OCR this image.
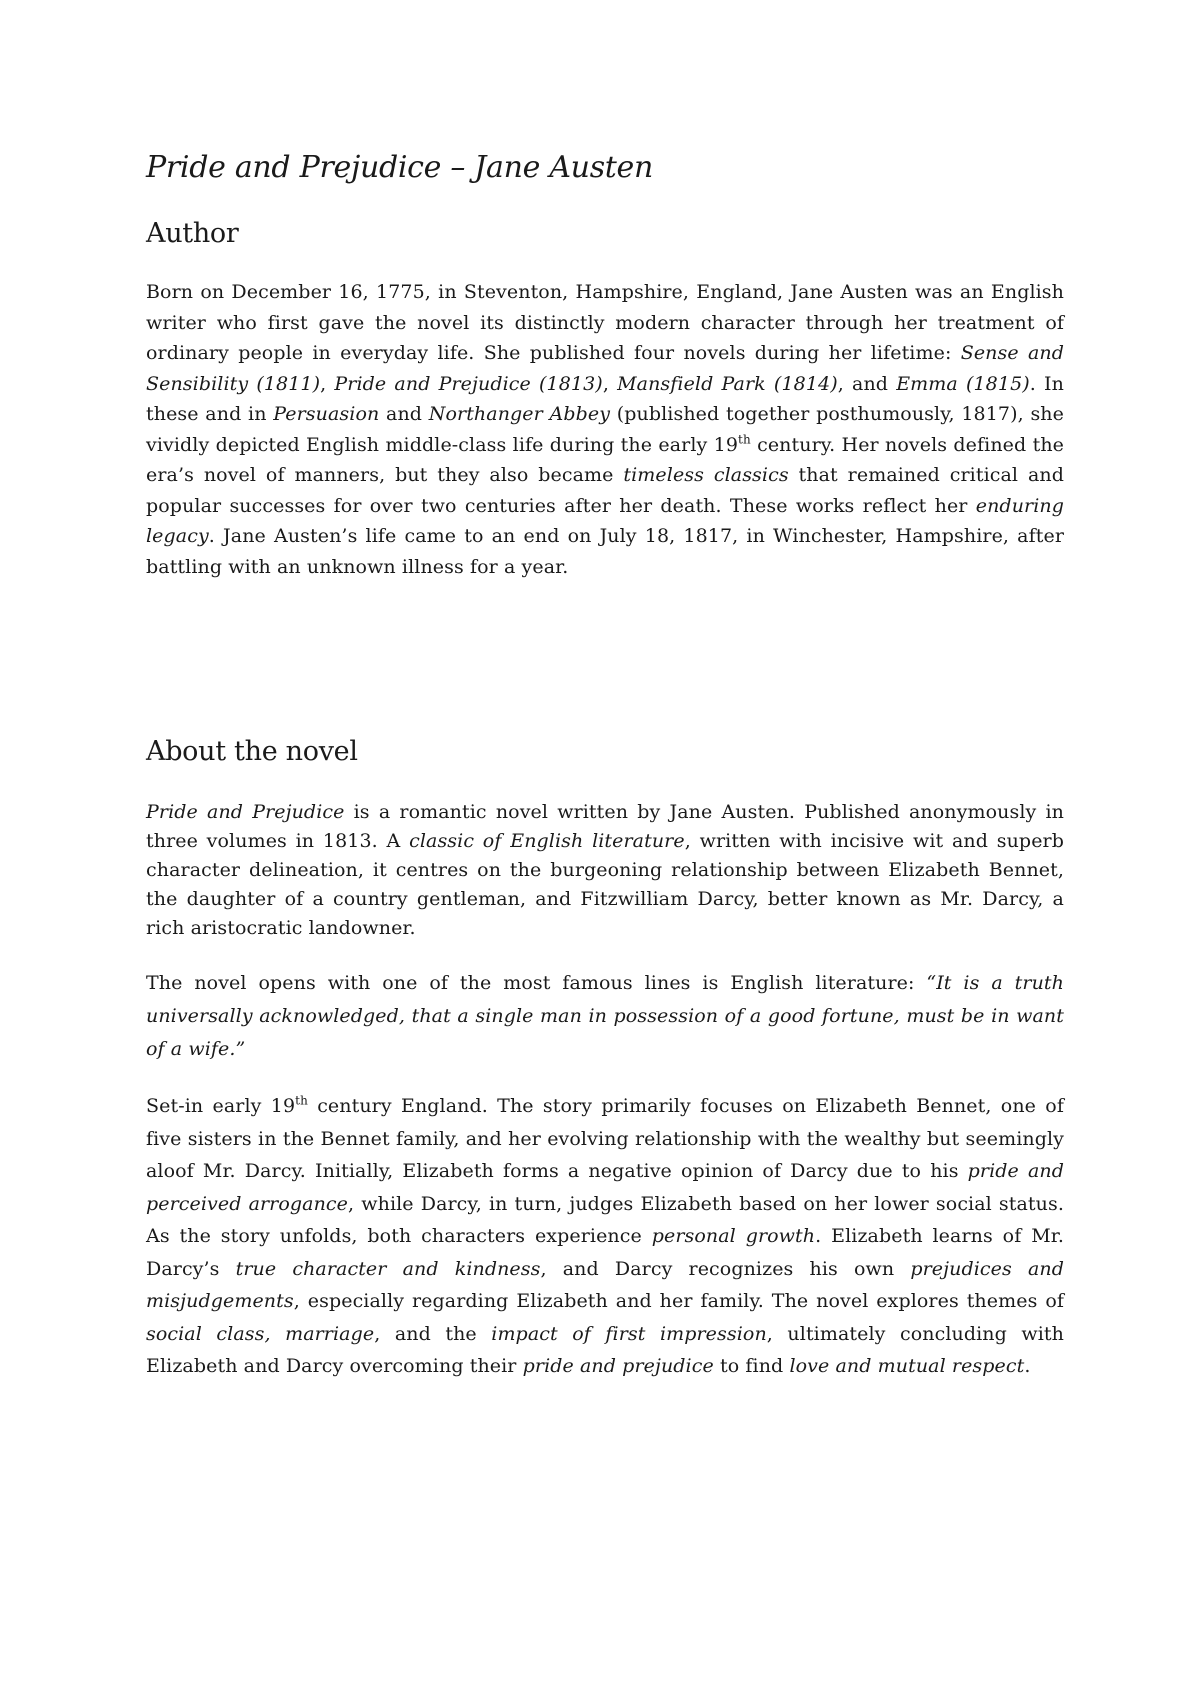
Pride and Prejudice – Jane Austen
Author

Born on December 16, 1775, in Steventon, Hampshire, England, Jane Austen was an English writer who first gave the novel its distinctly modern character through her treatment of ordinary people in everyday life. She published four novels during her lifetime: Sense and Sensibility (1811), Pride and Prejudice (1813), Mansfield Park (1814), and Emma (1815). In these and in Persuasion and Northanger Abbey (published together posthumously, 1817), she vividly depicted English middle-class life during the early 19th century. Her novels defined the era’s novel of manners, but they also became timeless classics that remained critical and popular successes for over two centuries after her death. These works reflect her enduring legacy. Jane Austen’s life came to an end on July 18, 1817, in Winchester, Hampshire, after battling with an unknown illness for a year.

About the novel

Pride and Prejudice is a romantic novel written by Jane Austen. Published anonymously in three volumes in 1813. A classic of English literature, written with incisive wit and superb character delineation, it centres on the burgeoning relationship between Elizabeth Bennet, the daughter of a country gentleman, and Fitzwilliam Darcy, better known as Mr. Darcy, a rich aristocratic landowner.

The novel opens with one of the most famous lines is English literature: “It is a truth universally acknowledged, that a single man in possession of a good fortune, must be in want of a wife.”

Set-in early 19th century England. The story primarily focuses on Elizabeth Bennet, one of five sisters in the Bennet family, and her evolving relationship with the wealthy but seemingly aloof Mr. Darcy. Initially, Elizabeth forms a negative opinion of Darcy due to his pride and perceived arrogance, while Darcy, in turn, judges Elizabeth based on her lower social status. As the story unfolds, both characters experience personal growth. Elizabeth learns of Mr. Darcy’s true character and kindness, and Darcy recognizes his own prejudices and misjudgements, especially regarding Elizabeth and her family. The novel explores themes of social class, marriage, and the impact of first impression, ultimately concluding with Elizabeth and Darcy overcoming their pride and prejudice to find love and mutual respect.
